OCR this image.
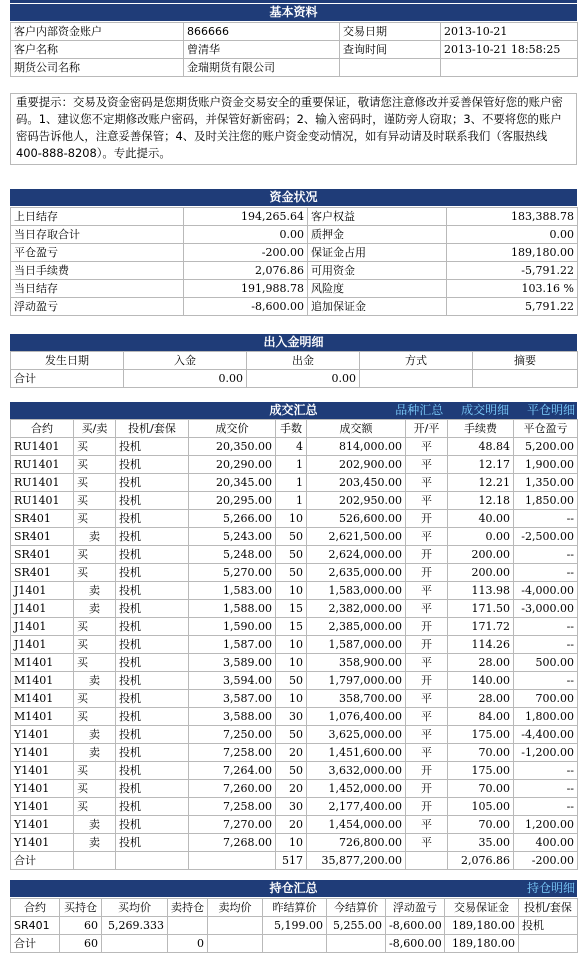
基本资料
客户内部资金账户	866666	交易日期	2013-10-21
客户名称	曾清华	查询时间	2013-10-21 18:58:25
期货公司名称	金瑞期货有限公司		
重要提示：交易及资金密码是您期货账户资金交易安全的重要保证，敬请您注意修改并妥善保管好您的账户密码。1、建议您不定期修改账户密码，并保管好新密码；2、输入密码时，谨防旁人窃取；3、不要将您的账户密码告诉他人，注意妥善保管；4、及时关注您的账户资金变动情况，如有异动请及时联系我们（客服热线400-888-8208）。专此提示。
资金状况
上日结存	194,265.64	客户权益	183,388.78
当日存取合计	0.00	质押金	0.00
平仓盈亏	-200.00	保证金占用	189,180.00
当日手续费	2,076.86	可用资金	-5,791.22
当日结存	191,988.78	风险度	103.16 %
浮动盈亏	-8,600.00	追加保证金	5,791.22
出入金明细
发生日期	入金	出金	方式	摘要
合计	0.00	0.00		
成交汇总	品种汇总 成交明细 平仓明细
合约	买/卖	投机/套保	成交价	手数	成交额	开/平	手续费	平仓盈亏
RU1401	买	投机	20,350.00	4	814,000.00	平	48.84	5,200.00
RU1401	买	投机	20,290.00	1	202,900.00	平	12.17	1,900.00
RU1401	买	投机	20,345.00	1	203,450.00	平	12.21	1,350.00
RU1401	买	投机	20,295.00	1	202,950.00	平	12.18	1,850.00
SR401	买	投机	5,266.00	10	526,600.00	开	40.00	--
SR401	卖	投机	5,243.00	50	2,621,500.00	平	0.00	-2,500.00
SR401	买	投机	5,248.00	50	2,624,000.00	开	200.00	--
SR401	买	投机	5,270.00	50	2,635,000.00	开	200.00	--
J1401	卖	投机	1,583.00	10	1,583,000.00	平	113.98	-4,000.00
J1401	卖	投机	1,588.00	15	2,382,000.00	平	171.50	-3,000.00
J1401	买	投机	1,590.00	15	2,385,000.00	开	171.72	--
J1401	买	投机	1,587.00	10	1,587,000.00	开	114.26	--
M1401	买	投机	3,589.00	10	358,900.00	平	28.00	500.00
M1401	卖	投机	3,594.00	50	1,797,000.00	开	140.00	--
M1401	买	投机	3,587.00	10	358,700.00	平	28.00	700.00
M1401	买	投机	3,588.00	30	1,076,400.00	平	84.00	1,800.00
Y1401	卖	投机	7,250.00	50	3,625,000.00	平	175.00	-4,400.00
Y1401	卖	投机	7,258.00	20	1,451,600.00	平	70.00	-1,200.00
Y1401	买	投机	7,264.00	50	3,632,000.00	开	175.00	--
Y1401	买	投机	7,260.00	20	1,452,000.00	开	70.00	--
Y1401	买	投机	7,258.00	30	2,177,400.00	开	105.00	--
Y1401	卖	投机	7,270.00	20	1,454,000.00	平	70.00	1,200.00
Y1401	卖	投机	7,268.00	10	726,800.00	平	35.00	400.00
合计				517	35,877,200.00		2,076.86	-200.00
持仓汇总	持仓明细
合约	买持仓	买均价	卖持仓	卖均价	昨结算价	今结算价	浮动盈亏	交易保证金	投机/套保
SR401	60	5,269.333			5,199.00	5,255.00	-8,600.00	189,180.00	投机
合计	60		0				-8,600.00	189,180.00	
